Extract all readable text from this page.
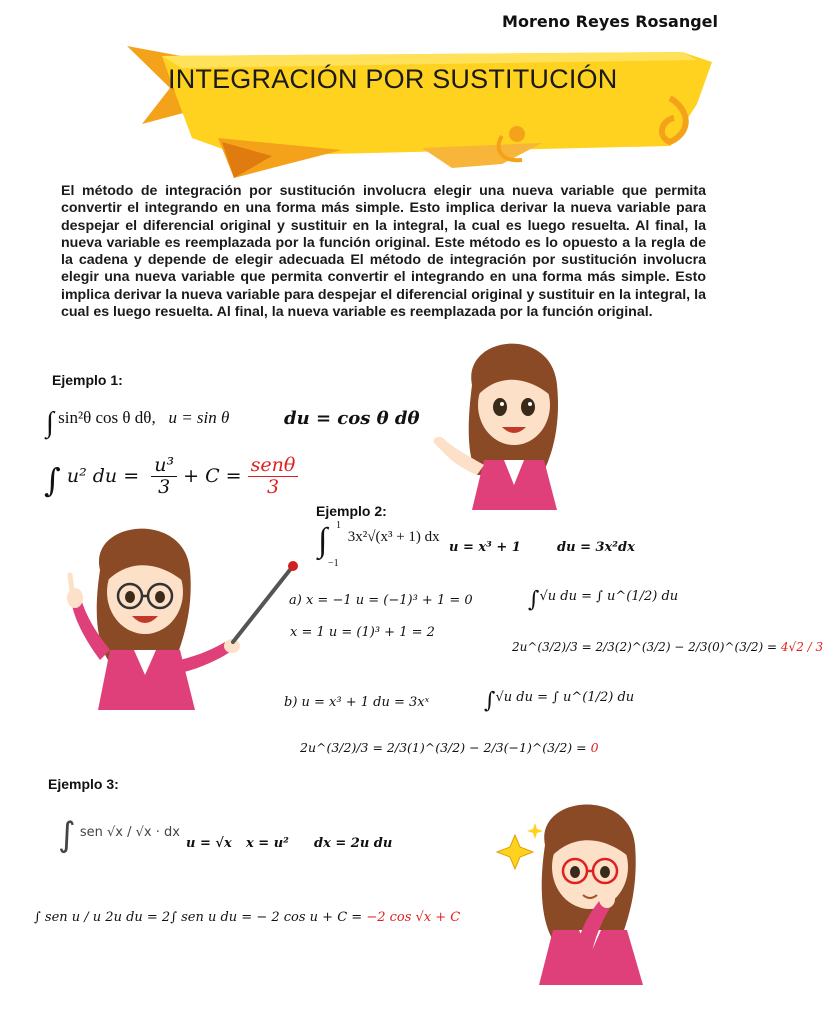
Moreno Reyes Rosangel
INTEGRACIÓN POR SUSTITUCIÓN
El método de integración por sustitución involucra elegir una nueva variable que permita convertir el integrando en una forma más simple. Esto implica derivar la nueva variable para despejar el diferencial original y sustituir en la integral, la cual es luego resuelta. Al final, la nueva variable es reemplazada por la función original. Este método es lo opuesto a la regla de la cadena y depende de elegir adecuada El método de integración por sustitución involucra elegir una nueva variable que permita convertir el integrando en una forma más simple. Esto implica derivar la nueva variable para despejar el diferencial original y sustituir en la integral, la cual es luego resuelta. Al final, la nueva variable es reemplazada por la función original.
Ejemplo 1:
∫ sin²θ cos θ dθ, u = sin θ	du = cos θ dθ
∫ u² du = $\frac{\text{u³}}{3} + C = \frac{\text{senθ}}{3}$
Ejemplo 2:
∫ 1
−1
3x²√(x³ + 1) dx
u = x³ + 1	du = 3x²dx
a) x = −1 u = (−1)³ + 1 = 0
x = 1 u = (1)³ + 1 = 2
∫√u du = ∫ u^(1/2) du
2u^(3/2)/3 = 2/3(2)^(3/2) − 2/3(0)^(3/2) = 4√2 / 3
b) u = x³ + 1 du = 3xˣ ∫√u du = ∫ u^(1/2) du
2u^(3/2)/3 = 2/3(1)^(3/2) − 2/3(−1)^(3/2) = 0
Ejemplo 3:
∫ sen √x / √x · dx
u = √x x = u² dx = 2u du
∫ sen u / u 2u du = 2∫ sen u du = − 2 cos u + C = −2 cos √x + C
